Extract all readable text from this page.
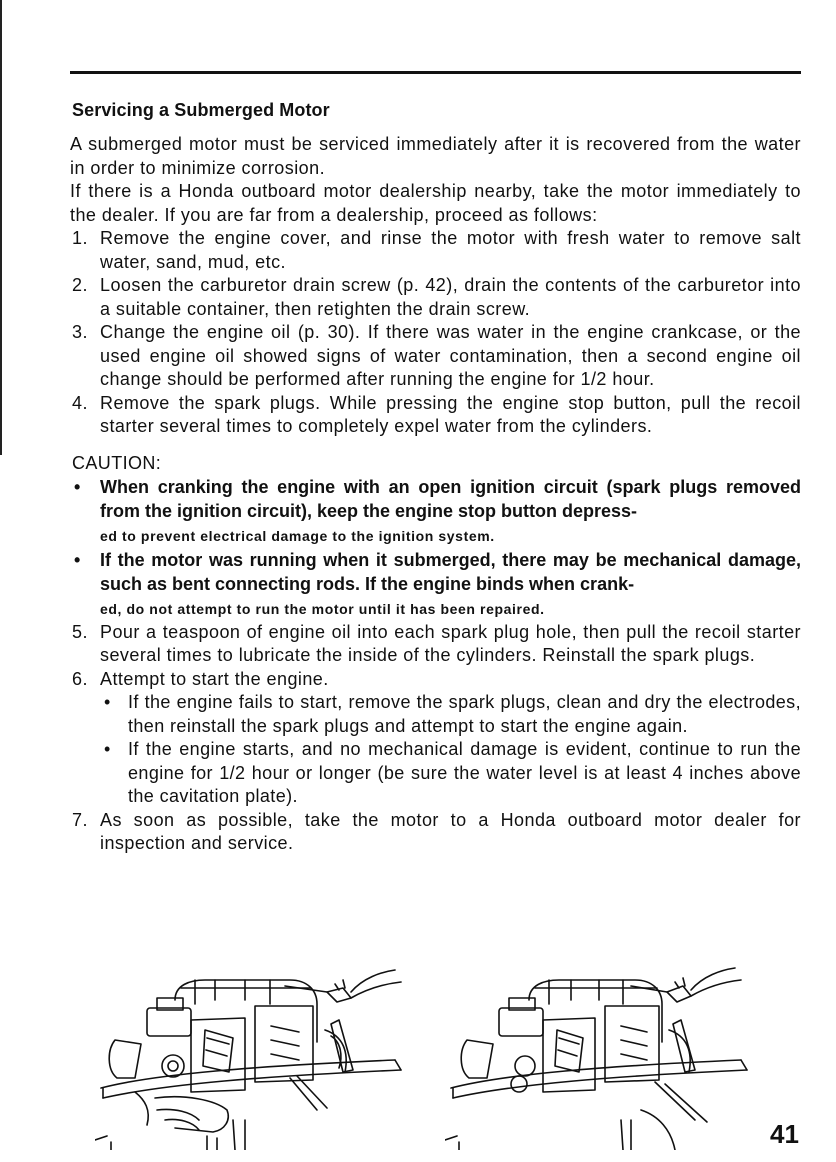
Servicing a Submerged Motor

A submerged motor must be serviced immediately after it is recovered from the water in order to minimize corrosion.

If there is a Honda outboard motor dealership nearby, take the motor immediately to the dealer. If you are far from a dealership, proceed as follows:

1. Remove the engine cover, and rinse the motor with fresh water to remove salt water, sand, mud, etc.
2. Loosen the carburetor drain screw (p. 42), drain the contents of the carburetor into a suitable container, then retighten the drain screw.
3. Change the engine oil (p. 30). If there was water in the engine crankcase, or the used engine oil showed signs of water contamination, then a second engine oil change should be performed after running the engine for 1/2 hour.
4. Remove the spark plugs. While pressing the engine stop button, pull the recoil starter several times to completely expel water from the cylinders.
CAUTION:
• When cranking the engine with an open ignition circuit (spark plugs removed from the ignition circuit), keep the engine stop button depress-
ed to prevent electrical damage to the ignition system.
• If the motor was running when it submerged, there may be mechanical damage, such as bent connecting rods. If the engine binds when crank-
ed, do not attempt to run the motor until it has been repaired.
5. Pour a teaspoon of engine oil into each spark plug hole, then pull the recoil starter several times to lubricate the inside of the cylinders. Reinstall the spark plugs.
6. Attempt to start the engine.
• If the engine fails to start, remove the spark plugs, clean and dry the electrodes, then reinstall the spark plugs and attempt to start the engine again.
• If the engine starts, and no mechanical damage is evident, continue to run the engine for 1/2 hour or longer (be sure the water level is at least 4 inches above the cavitation plate).
7. As soon as possible, take the motor to a Honda outboard motor dealer for inspection and service.
41
